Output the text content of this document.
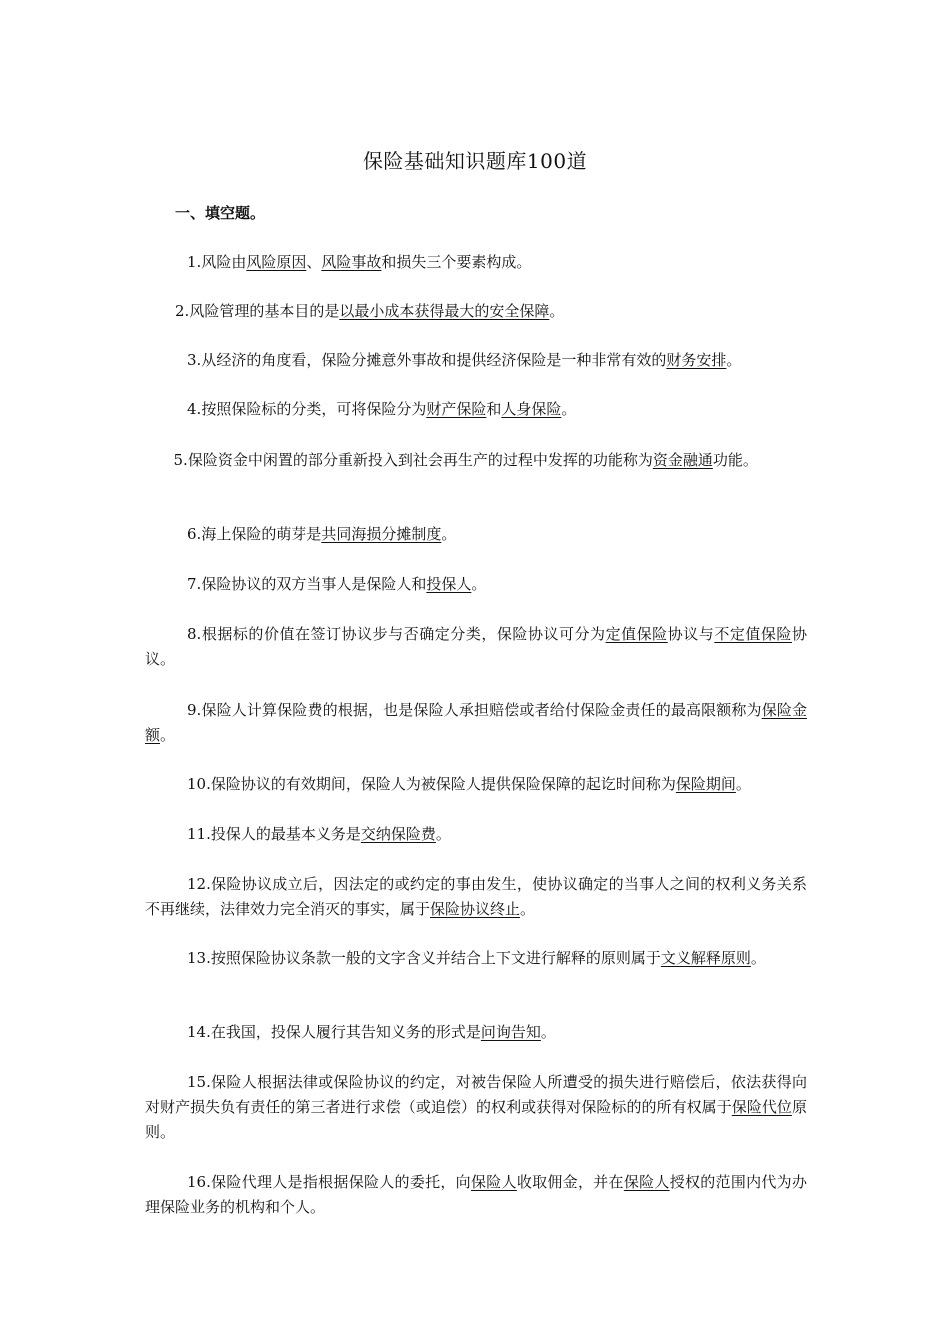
保险基础知识题库100道
一、填空题。
1.风险由风险原因、风险事故和损失三个要素构成。
2.风险管理的基本目的是以最小成本获得最大的安全保障。
3.从经济的角度看，保险分摊意外事故和提供经济保险是一种非常有效的财务安排。
4.按照保险标的分类，可将保险分为财产保险和人身保险。
5.保险资金中闲置的部分重新投入到社会再生产的过程中发挥的功能称为资金融通功能。
6.海上保险的萌芽是共同海损分摊制度。
7.保险协议的双方当事人是保险人和投保人。
8.根据标的价值在签订协议步与否确定分类，保险协议可分为定值保险协议与不定值保险协议。
9.保险人计算保险费的根据，也是保险人承担赔偿或者给付保险金责任的最高限额称为保险金额。
10.保险协议的有效期间，保险人为被保险人提供保险保障的起讫时间称为保险期间。
11.投保人的最基本义务是交纳保险费。
12.保险协议成立后，因法定的或约定的事由发生，使协议确定的当事人之间的权利义务关系不再继续，法律效力完全消灭的事实，属于保险协议终止。
13.按照保险协议条款一般的文字含义并结合上下文进行解释的原则属于文义解释原则。
14.在我国，投保人履行其告知义务的形式是问询告知。
15.保险人根据法律或保险协议的约定，对被告保险人所遭受的损失进行赔偿后，依法获得向对财产损失负有责任的第三者进行求偿（或追偿）的权利或获得对保险标的的所有权属于保险代位原则。
16.保险代理人是指根据保险人的委托，向保险人收取佣金，并在保险人授权的范围内代为办理保险业务的机构和个人。
